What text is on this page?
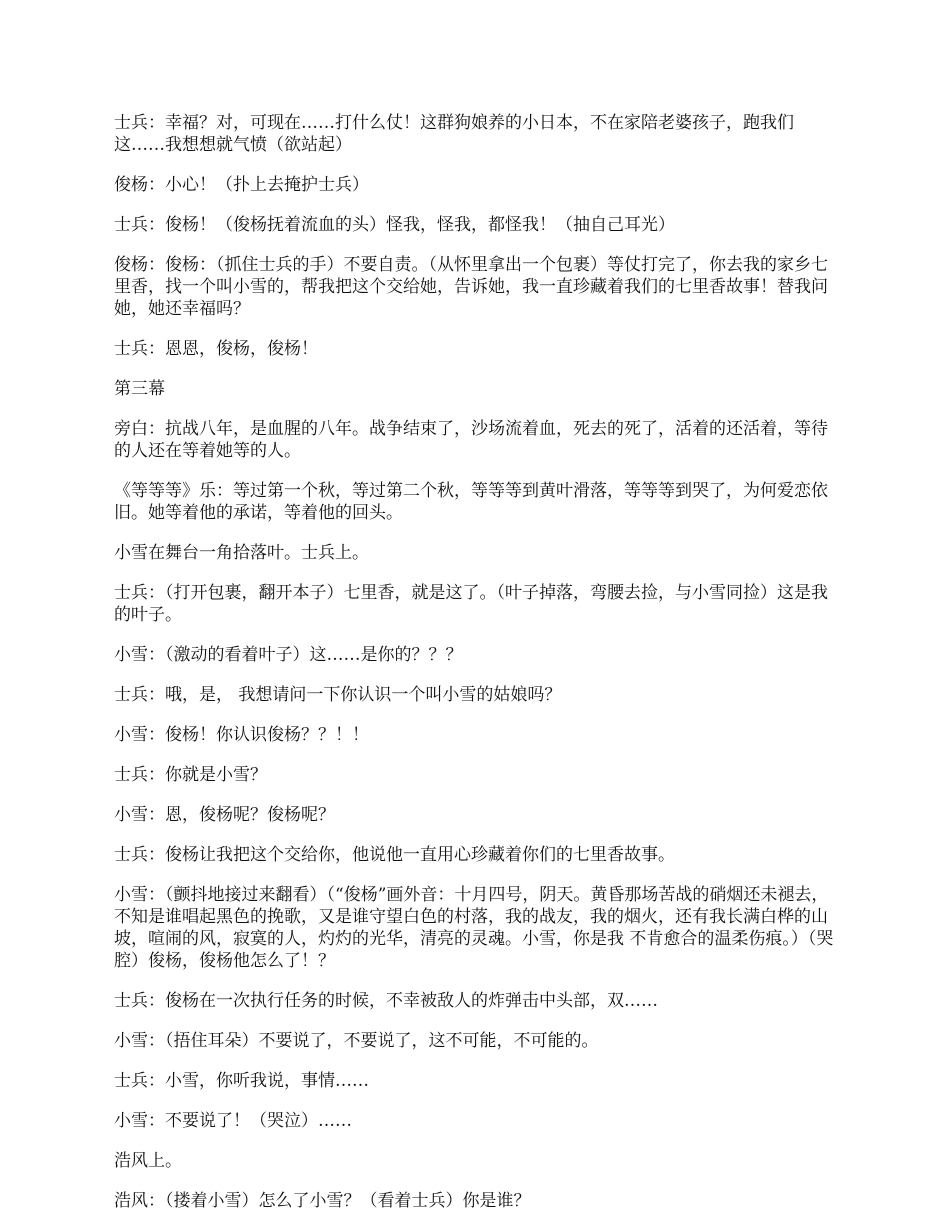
士兵：幸福？对，可现在……打什么仗！这群狗娘养的小日本，不在家陪老婆孩子，跑我们这……我想想就气愤（欲站起）

俊杨：小心！（扑上去掩护士兵）

士兵：俊杨！（俊杨抚着流血的头）怪我，怪我，都怪我！（抽自己耳光）

俊杨：俊杨：（抓住士兵的手）不要自责。（从怀里拿出一个包裹）等仗打完了，你去我的家乡七里香，找一个叫小雪的，帮我把这个交给她，告诉她，我一直珍藏着我们的七里香故事！替我问她，她还幸福吗？

士兵：恩恩，俊杨，俊杨！

第三幕

旁白：抗战八年，是血腥的八年。战争结束了，沙场流着血，死去的死了，活着的还活着，等待的人还在等着她等的人。

《等等等》乐：等过第一个秋，等过第二个秋，等等等到黄叶滑落，等等等到哭了，为何爱恋依旧。她等着他的承诺，等着他的回头。

小雪在舞台一角拾落叶。士兵上。

士兵：（打开包裹，翻开本子）七里香，就是这了。（叶子掉落，弯腰去捡，与小雪同捡）这是我的叶子。

小雪：（激动的看着叶子）这……是你的？？？

士兵：哦，是， 我想请问一下你认识一个叫小雪的姑娘吗？

小雪：俊杨！你认识俊杨？？！！

士兵：你就是小雪？

小雪：恩，俊杨呢？俊杨呢？

士兵：俊杨让我把这个交给你，他说他一直用心珍藏着你们的七里香故事。

小雪：（颤抖地接过来翻看）（“俊杨”画外音：十月四号，阴天。黄昏那场苦战的硝烟还未褪去，不知是谁唱起黑色的挽歌，又是谁守望白色的村落，我的战友，我的烟火，还有我长满白桦的山坡，喧闹的风，寂寞的人，灼灼的光华，清亮的灵魂。小雪，你是我 不肯愈合的温柔伤痕。）（哭腔）俊杨，俊杨他怎么了！？

士兵：俊杨在一次执行任务的时候，不幸被敌人的炸弹击中头部，双……

小雪：（捂住耳朵）不要说了，不要说了，这不可能，不可能的。

士兵：小雪，你听我说，事情……

小雪：不要说了！（哭泣）……

浩风上。

浩风：（搂着小雪）怎么了小雪？（看着士兵）你是谁？
